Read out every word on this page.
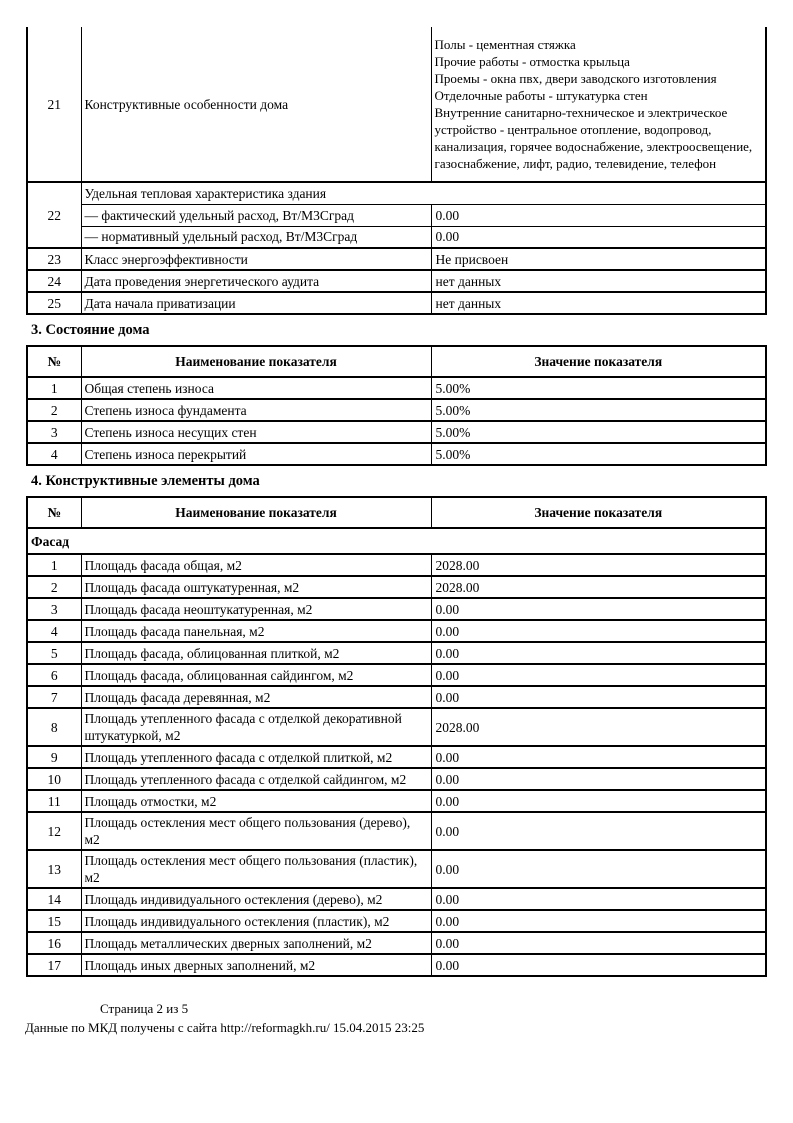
21	Конструктивные особенности дома	Полы - цементная стяжка
Прочие работы - отмостка крыльца
Проемы - окна пвх, двери заводского изготовления
Отделочные работы - штукатурка стен
Внутренние санитарно-техническое и электрическое устройство - центральное отопление, водопровод, канализация, горячее водоснабжение, электроосвещение, газоснабжение, лифт, радио, телевидение, телефон

22	Удельная тепловая характеристика здания	
	— фактический удельный расход, Вт/М3Сград	0.00
	— нормативный удельный расход, Вт/М3Сград	0.00
23	Класс энергоэффективности	Не присвоен
24	Дата проведения энергетического аудита	нет данных
25	Дата начала приватизации	нет данных
3. Состояние дома
№	Наименование показателя	Значение показателя
1	Общая степень износа	5.00%
2	Степень износа фундамента	5.00%
3	Степень износа несущих стен	5.00%
4	Степень износа перекрытий	5.00%
4. Конструктивные элементы дома
№	Наименование показателя	Значение показателя
Фасад		
1	Площадь фасада общая, м2	2028.00
2	Площадь фасада оштукатуренная, м2	2028.00
3	Площадь фасада неоштукатуренная, м2	0.00
4	Площадь фасада панельная, м2	0.00
5	Площадь фасада, облицованная плиткой, м2	0.00
6	Площадь фасада, облицованная сайдингом, м2	0.00
7	Площадь фасада деревянная, м2	0.00
8	Площадь утепленного фасада с отделкой декоративной штукатуркой, м2	2028.00
9	Площадь утепленного фасада с отделкой плиткой, м2	0.00
10	Площадь утепленного фасада с отделкой сайдингом, м2	0.00
11	Площадь отмостки, м2	0.00
12	Площадь остекления мест общего пользования (дерево), м2	0.00
13	Площадь остекления мест общего пользования (пластик), м2	0.00
14	Площадь индивидуального остекления (дерево), м2	0.00
15	Площадь индивидуального остекления (пластик), м2	0.00
16	Площадь металлических дверных заполнений, м2	0.00
17	Площадь иных дверных заполнений, м2	0.00
Страница 2 из 5
Данные по МКД получены с сайта http://reformagkh.ru/ 15.04.2015 23:25
